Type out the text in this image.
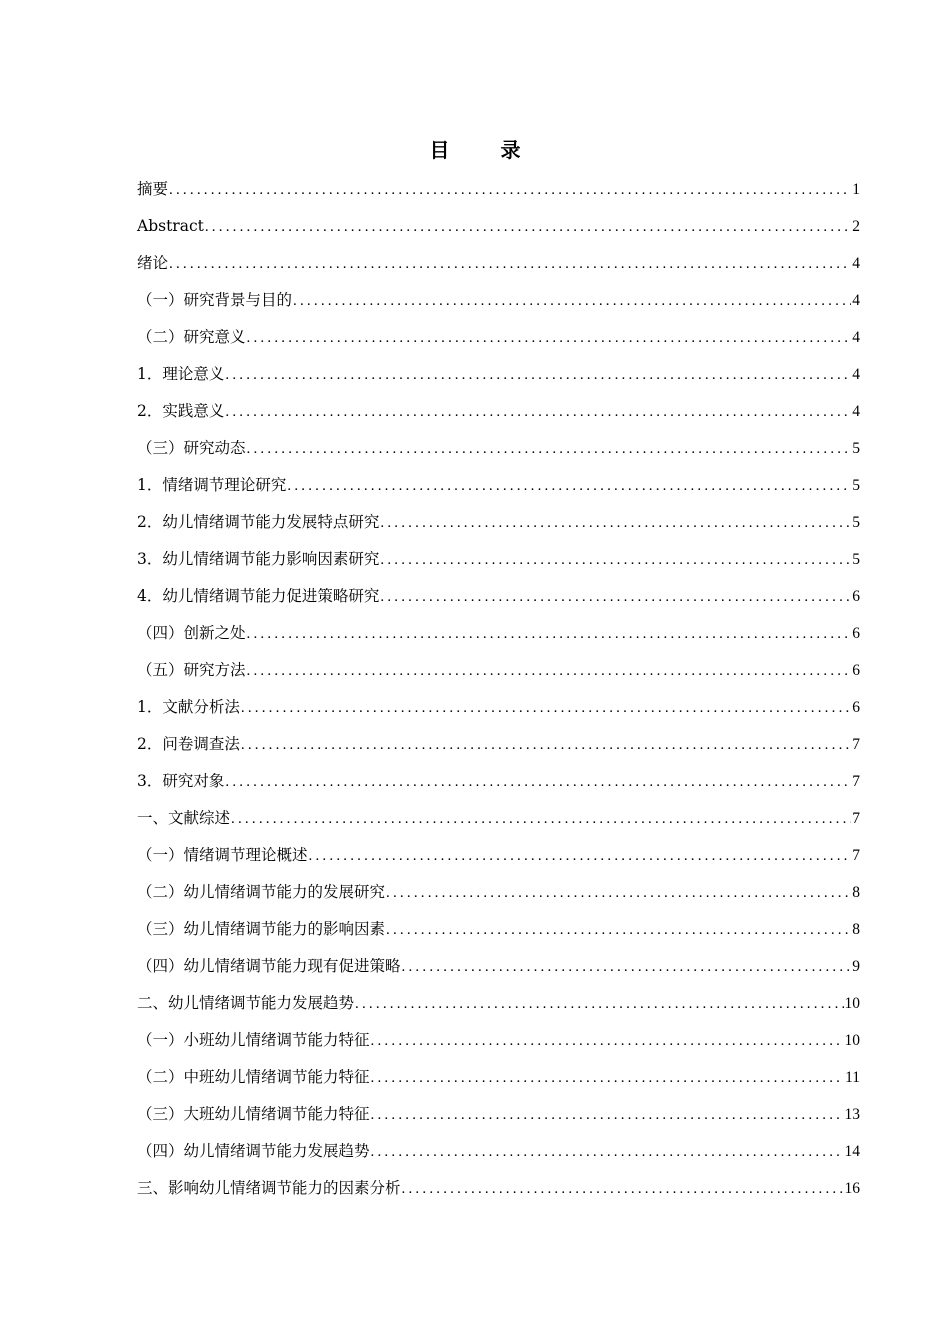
目 录
摘要 .....	1
Abstract .....	2
绪论 .....	4
（一）研究背景与目的 .....	4
（二）研究意义 .....	4
1．理论意义 .....	4
2．实践意义 .....	4
（三）研究动态 .....	5
1．情绪调节理论研究 .....	5
2．幼儿情绪调节能力发展特点研究 .....	5
3．幼儿情绪调节能力影响因素研究 .....	5
4．幼儿情绪调节能力促进策略研究 .....	6
（四）创新之处 .....	6
（五）研究方法 .....	6
1．文献分析法 .....	6
2．问卷调查法 .....	7
3．研究对象 .....	7
一、文献综述 .....	7
（一）情绪调节理论概述 .....	7
（二）幼儿情绪调节能力的发展研究 .....	8
（三）幼儿情绪调节能力的影响因素 .....	8
（四）幼儿情绪调节能力现有促进策略 .....	9
二、幼儿情绪调节能力发展趋势 .....	10
（一）小班幼儿情绪调节能力特征 .....	10
（二）中班幼儿情绪调节能力特征 .....	11
（三）大班幼儿情绪调节能力特征 .....	13
（四）幼儿情绪调节能力发展趋势 .....	14
三、影响幼儿情绪调节能力的因素分析 .....	16
